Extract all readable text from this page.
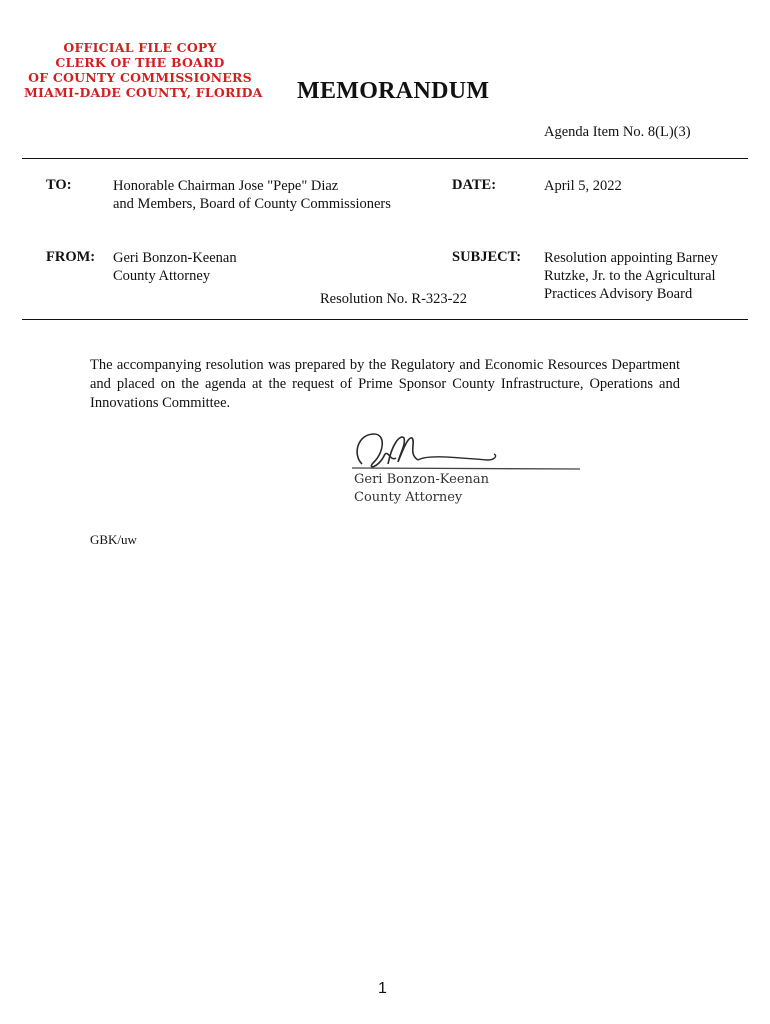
OFFICIAL FILE COPY
CLERK OF THE BOARD
OF COUNTY COMMISSIONERS
MIAMI-DADE COUNTY, FLORIDA MEMORANDUM
Agenda Item No. 8(L)(3)
TO:	Honorable Chairman Jose "Pepe" Diaz
and Members, Board of County Commissioners
DATE:	April 5, 2022
FROM: Geri Bonzon-Keenan
County Attorney
SUBJECT: Resolution appointing Barney
Rutzke, Jr. to the Agricultural
Practices Advisory Board
Resolution No. R-323-22
The accompanying resolution was prepared by the Regulatory and Economic Resources Department and placed on the agenda at the request of Prime Sponsor County Infrastructure, Operations and Innovations Committee.
Geri Bonzon-Keenan
County Attorney
GBK/uw
1
